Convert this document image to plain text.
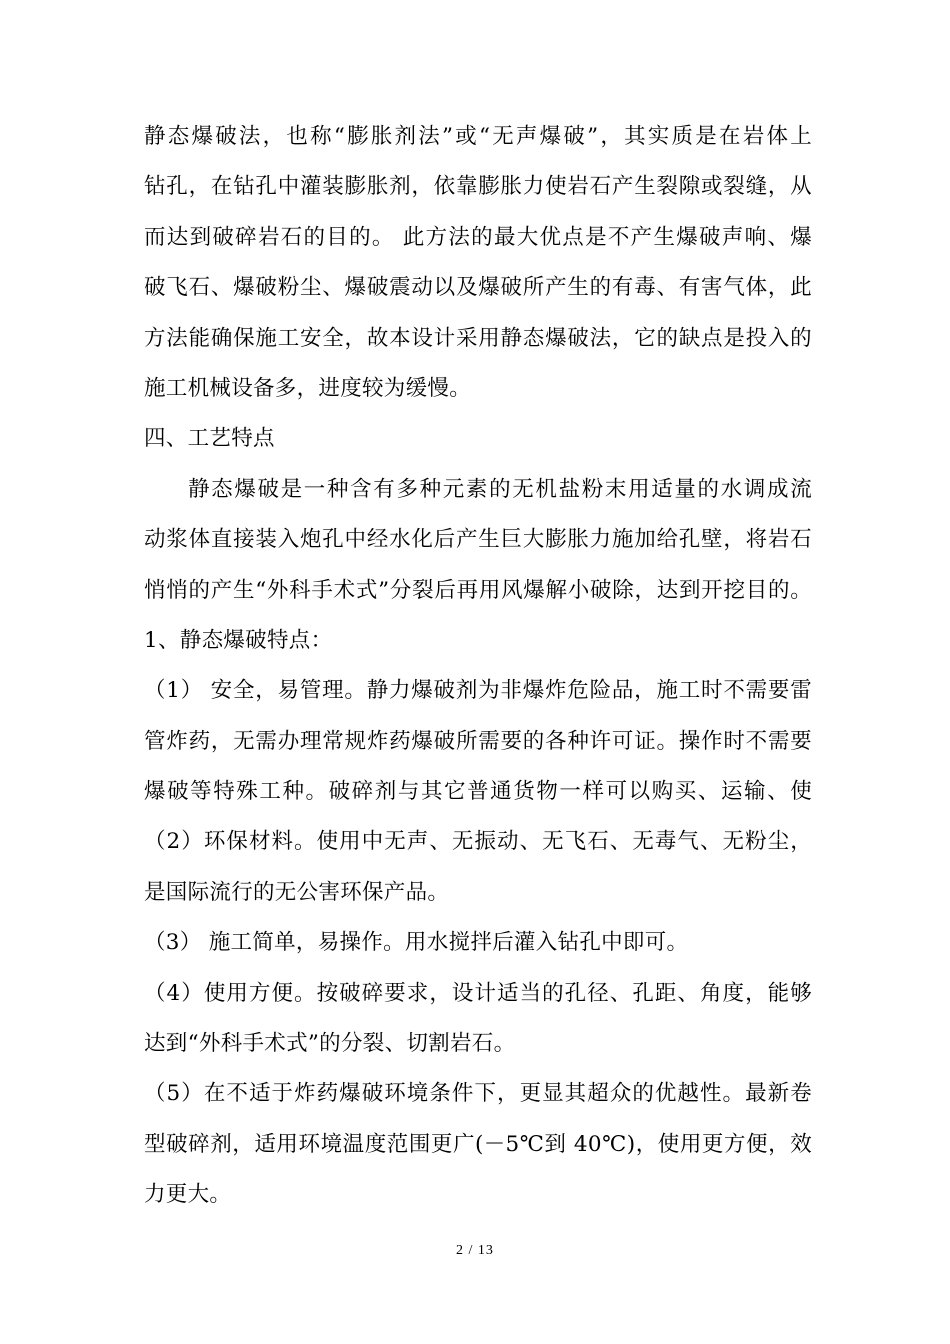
静态爆破法，也称“膨胀剂法”或“无声爆破”，其实质是在岩体上
钻孔，在钻孔中灌装膨胀剂，依靠膨胀力使岩石产生裂隙或裂缝，从
而达到破碎岩石的目的。 此方法的最大优点是不产生爆破声响、爆
破飞石、爆破粉尘、爆破震动以及爆破所产生的有毒、有害气体，此
方法能确保施工安全，故本设计采用静态爆破法，它的缺点是投入的
施工机械设备多，进度较为缓慢。
四、工艺特点
静态爆破是一种含有多种元素的无机盐粉末用适量的水调成流
动浆体直接装入炮孔中经水化后产生巨大膨胀力施加给孔壁，将岩石
悄悄的产生“外科手术式”分裂后再用风爆解小破除，达到开挖目的。
1、静态爆破特点：
（1） 安全，易管理。静力爆破剂为非爆炸危险品，施工时不需要雷
管炸药，无需办理常规炸药爆破所需要的各种许可证。操作时不需要
爆破等特殊工种。破碎剂与其它普通货物一样可以购买、运输、使
（2）环保材料。使用中无声、无振动、无飞石、无毒气、无粉尘，
是国际流行的无公害环保产品。
（3） 施工简单，易操作。用水搅拌后灌入钻孔中即可。
（4）使用方便。按破碎要求，设计适当的孔径、孔距、角度，能够
达到“外科手术式”的分裂、切割岩石。
（5）在不适于炸药爆破环境条件下，更显其超众的优越性。最新卷
型破碎剂，适用环境温度范围更广(－5℃到 40℃)，使用更方便，效
力更大。
2 / 13
